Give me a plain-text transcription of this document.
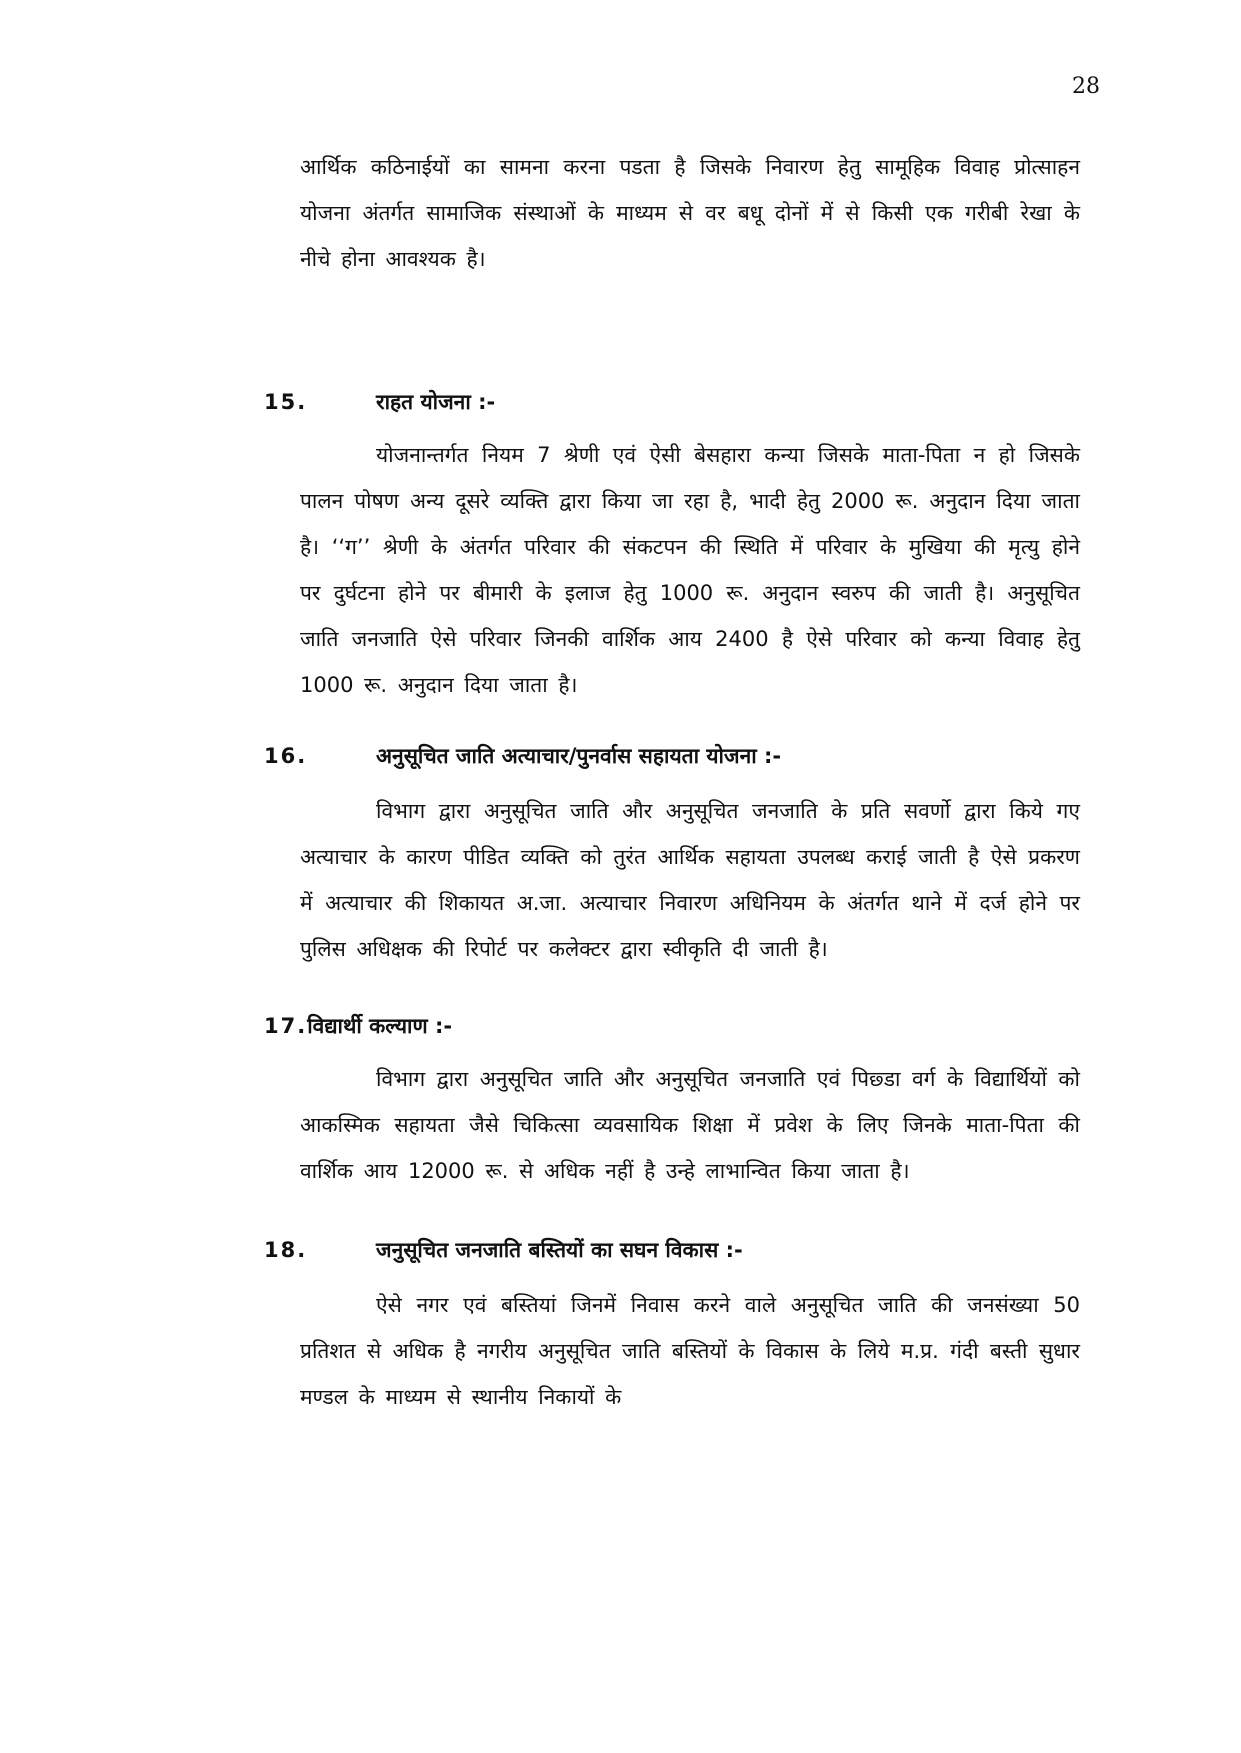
28

आर्थिक कठिनाईयों का सामना करना पडता है जिसके निवारण हेतु सामूहिक विवाह प्रोत्साहन योजना अंतर्गत सामाजिक संस्थाओं के माध्यम से वर बधू दोनों में से किसी एक गरीबी रेखा के नीचे होना आवश्यक है।

15.	राहत योजना :-

योजनान्तर्गत नियम 7 श्रेणी एवं ऐसी बेसहारा कन्या जिसके माता-पिता न हो जिसके पालन पोषण अन्य दूसरे व्यक्ति द्वारा किया जा रहा है, भादी हेतु 2000 रू. अनुदान दिया जाता है। ‘‘ग’’ श्रेणी के अंतर्गत परिवार की संकटपन की स्थिति में परिवार के मुखिया की मृत्यु होने पर दुर्घटना होने पर बीमारी के इलाज हेतु 1000 रू. अनुदान स्वरुप की जाती है। अनुसूचित जाति जनजाति ऐसे परिवार जिनकी वार्शिक आय 2400 है ऐसे परिवार को कन्या विवाह हेतु 1000 रू. अनुदान दिया जाता है।

16.	अनुसूचित जाति अत्याचार/पुनर्वास सहायता योजना :-

विभाग द्वारा अनुसूचित जाति और अनुसूचित जनजाति के प्रति सवर्णो द्वारा किये गए अत्याचार के कारण पीडित व्यक्ति को तुरंत आर्थिक सहायता उपलब्ध कराई जाती है ऐसे प्रकरण में अत्याचार की शिकायत अ.जा. अत्याचार निवारण अधिनियम के अंतर्गत थाने में दर्ज होने पर पुलिस अधिक्षक की रिपोर्ट पर कलेक्टर द्वारा स्वीकृति दी जाती है।

17.विद्यार्थी कल्याण :-

विभाग द्वारा अनुसूचित जाति और अनुसूचित जनजाति एवं पिछ्डा वर्ग के विद्यार्थियों को आकस्मिक सहायता जैसे चिकित्सा व्यवसायिक शिक्षा में प्रवेश के लिए जिनके माता-पिता की वार्शिक आय 12000 रू. से अधिक नहीं है उन्हे लाभान्वित किया जाता है।

18.	जनुसूचित जनजाति बस्तियों का सघन विकास :-

ऐसे नगर एवं बस्तियां जिनमें निवास करने वाले अनुसूचित जाति की जनसंख्या 50 प्रतिशत से अधिक है नगरीय अनुसूचित जाति बस्तियों के विकास के लिये म.प्र. गंदी बस्ती सुधार मण्डल के माध्यम से स्थानीय निकायों के
